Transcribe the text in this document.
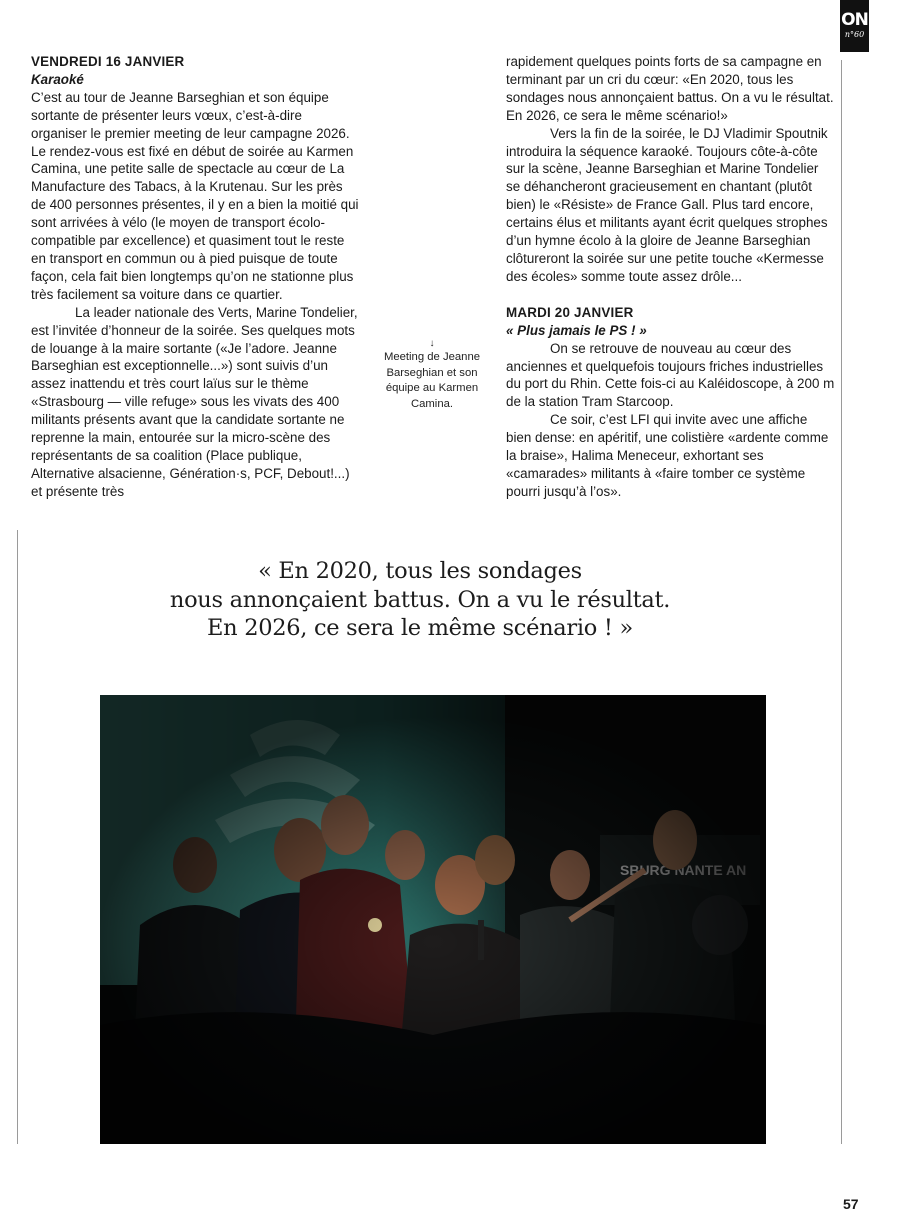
ON
n°60
VENDREDI 16 JANVIER
Karaoké

C’est au tour de Jeanne Barseghian et son équipe sortante de présenter leurs vœux, c’est-à-dire organiser le premier meeting de leur campagne 2026. Le rendez-vous est fixé en début de soirée au Karmen Camina, une petite salle de spectacle au cœur de La Manufacture des Tabacs, à la Krutenau. Sur les près de 400 personnes présentes, il y en a bien la moitié qui sont arrivées à vélo (le moyen de transport écolo-compatible par excellence) et quasiment tout le reste en transport en commun ou à pied puisque de toute façon, cela fait bien longtemps qu’on ne stationne plus très facilement sa voiture dans ce quartier.

La leader nationale des Verts, Marine Tondelier, est l’invitée d’honneur de la soirée. Ses quelques mots de louange à la maire sortante («Je l’adore. Jeanne Barseghian est exceptionnelle...») sont suivis d’un assez inattendu et très court laïus sur le thème «Strasbourg — ville refuge» sous les vivats des 400 militants présents avant que la candidate sortante ne reprenne la main, entourée sur la micro-scène des représentants de sa coalition (Place publique, Alternative alsacienne, Génération·s, PCF, Debout!...) et présente très

↓
Meeting de Jeanne Barseghian et son équipe au Karmen Camina.

rapidement quelques points forts de sa campagne en terminant par un cri du cœur: «En 2020, tous les sondages nous annonçaient battus. On a vu le résultat. En 2026, ce sera le même scénario!»

Vers la fin de la soirée, le DJ Vladimir Spoutnik introduira la séquence karaoké. Toujours côte-à-côte sur la scène, Jeanne Barseghian et Marine Tondelier se déhancheront gracieusement en chantant (plutôt bien) le «Résiste» de France Gall. Plus tard encore, certains élus et militants ayant écrit quelques strophes d’un hymne écolo à la gloire de Jeanne Barseghian clôtureront la soirée sur une petite touche «Kermesse des écoles» somme toute assez drôle...

MARDI 20 JANVIER
« Plus jamais le PS ! »

On se retrouve de nouveau au cœur des anciennes et quelquefois toujours friches industrielles du port du Rhin. Cette fois-ci au Kaléidoscope, à 200 m de la station Tram Starcoop.

Ce soir, c’est LFI qui invite avec une affiche bien dense: en apéritif, une colistière «ardente comme la braise», Halima Meneceur, exhortant ses «camarades» militants à «faire tomber ce système pourri jusqu’à l’os».

« En 2020, tous les sondages
nous annonçaient battus. On a vu le résultat.
En 2026, ce sera le même scénario ! »
57
